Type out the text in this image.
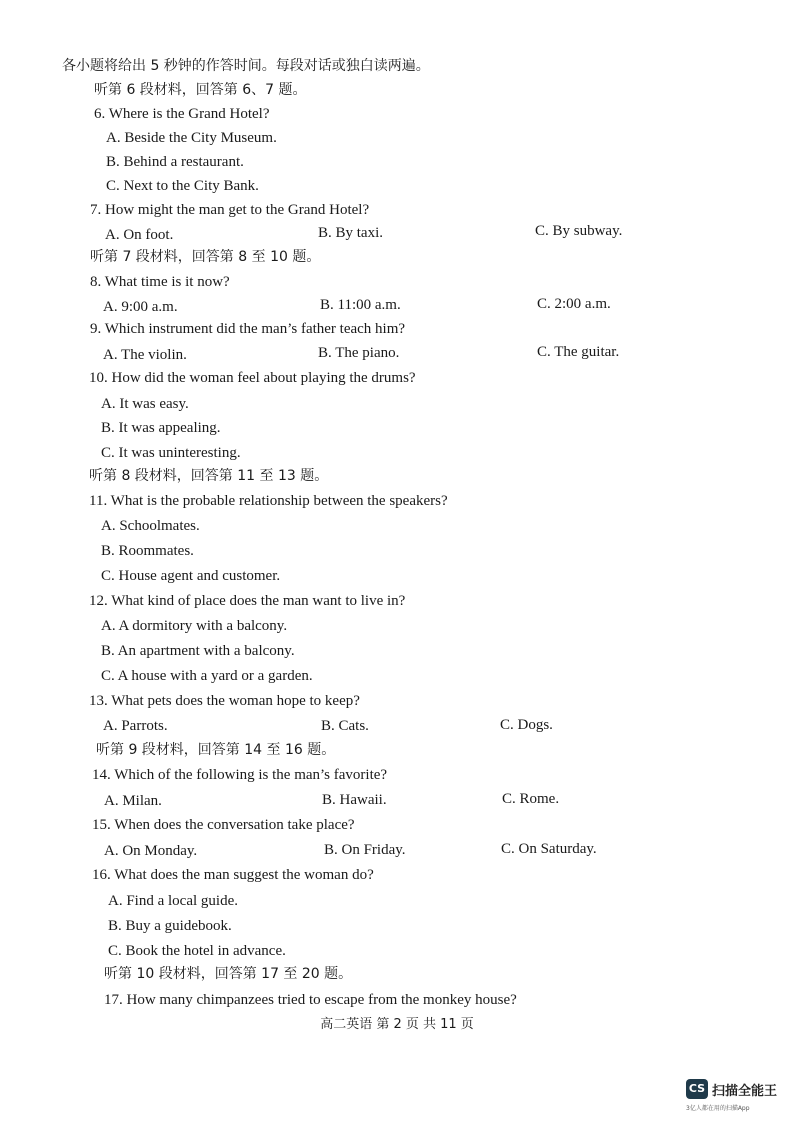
各小题将给出 5 秒钟的作答时间。每段对话或独白读两遍。
听第 6 段材料，回答第 6、7 题。
6. Where is the Grand Hotel?
A. Beside the City Museum.
B. Behind a restaurant.
C. Next to the City Bank.
7. How might the man get to the Grand Hotel?
A. On foot.	B. By taxi.	C. By subway.
听第 7 段材料，回答第 8 至 10 题。
8. What time is it now?
A. 9:00 a.m.	B. 11:00 a.m.	C. 2:00 a.m.
9. Which instrument did the man’s father teach him?
A. The violin.	B. The piano.	C. The guitar.
10. How did the woman feel about playing the drums?
A. It was easy.
B. It was appealing.
C. It was uninteresting.
听第 8 段材料，回答第 11 至 13 题。
11. What is the probable relationship between the speakers?
A. Schoolmates.
B. Roommates.
C. House agent and customer.
12. What kind of place does the man want to live in?
A. A dormitory with a balcony.
B. An apartment with a balcony.
C. A house with a yard or a garden.
13. What pets does the woman hope to keep?
A. Parrots.	B. Cats.	C. Dogs.
听第 9 段材料，回答第 14 至 16 题。
14. Which of the following is the man’s favorite?
A. Milan.	B. Hawaii.	C. Rome.
15. When does the conversation take place?
A. On Monday.	B. On Friday.	C. On Saturday.
16. What does the man suggest the woman do?
A. Find a local guide.
B. Buy a guidebook.
C. Book the hotel in advance.
听第 10 段材料，回答第 17 至 20 题。
17. How many chimpanzees tried to escape from the monkey house?
高二英语 第 2 页 共 11 页
CS 扫描全能王
3亿人都在用的扫描App
